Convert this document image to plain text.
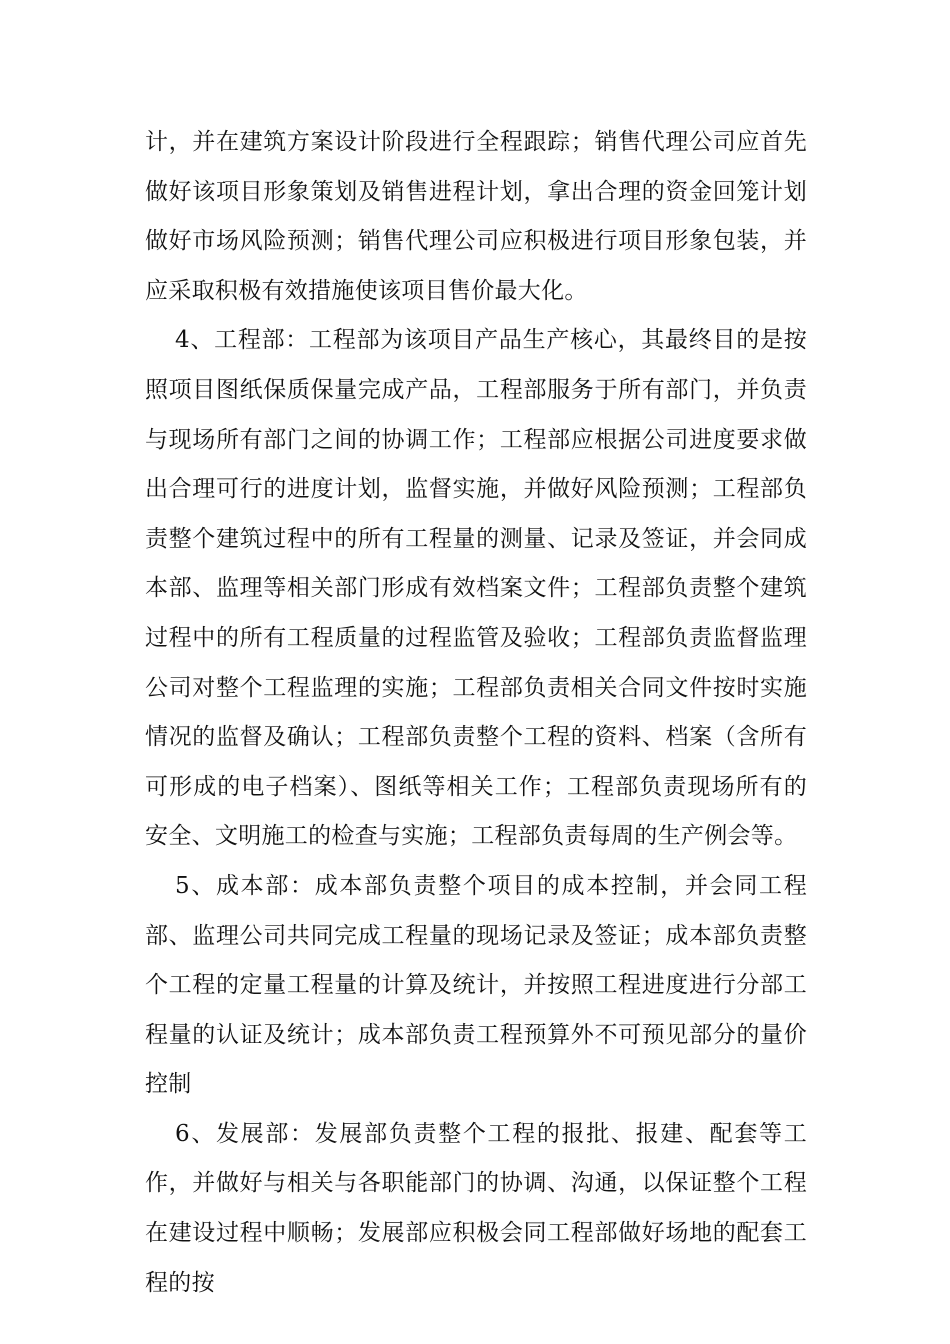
计，并在建筑方案设计阶段进行全程跟踪；销售代理公司应首先做好该项目形象策划及销售进程计划，拿出合理的资金回笼计划做好市场风险预测；销售代理公司应积极进行项目形象包装，并应采取积极有效措施使该项目售价最大化。

4、工程部：工程部为该项目产品生产核心，其最终目的是按照项目图纸保质保量完成产品，工程部服务于所有部门，并负责与现场所有部门之间的协调工作；工程部应根据公司进度要求做出合理可行的进度计划，监督实施，并做好风险预测；工程部负责整个建筑过程中的所有工程量的测量、记录及签证，并会同成本部、监理等相关部门形成有效档案文件；工程部负责整个建筑过程中的所有工程质量的过程监管及验收；工程部负责监督监理公司对整个工程监理的实施；工程部负责相关合同文件按时实施情况的监督及确认；工程部负责整个工程的资料、档案（含所有可形成的电子档案）、图纸等相关工作；工程部负责现场所有的安全、文明施工的检查与实施；工程部负责每周的生产例会等。

5、成本部：成本部负责整个项目的成本控制，并会同工程部、监理公司共同完成工程量的现场记录及签证；成本部负责整个工程的定量工程量的计算及统计，并按照工程进度进行分部工程量的认证及统计；成本部负责工程预算外不可预见部分的量价控制

6、发展部：发展部负责整个工程的报批、报建、配套等工作，并做好与相关与各职能部门的协调、沟通，以保证整个工程在建设过程中顺畅；发展部应积极会同工程部做好场地的配套工程的按
